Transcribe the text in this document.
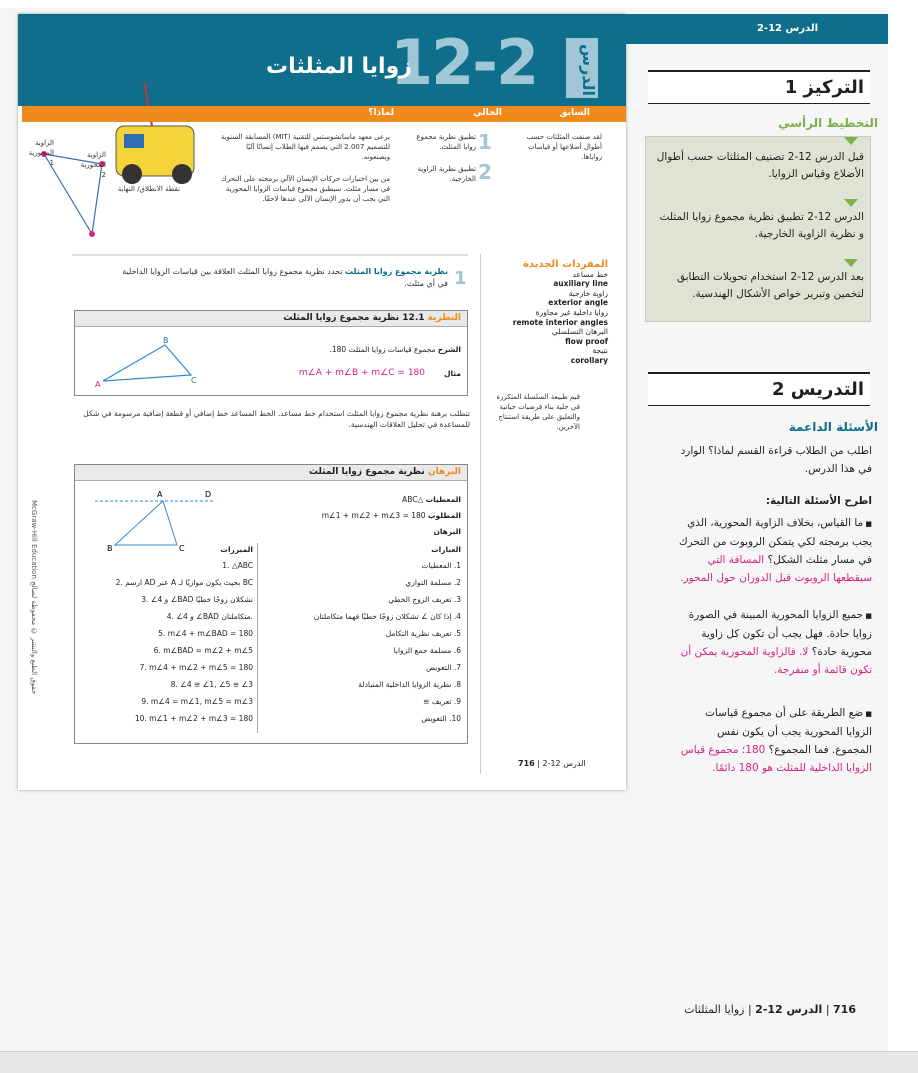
12-2	الدرس
زوايا المثلثات
الزاوية المحورية 1
الزاوية المحورية 2
نقطة الانطلاق/ النهاية
السابق
الحالي
لماذا؟
لقد صنفت المثلثات حسب أطوال أضلاعها أو قياسات زواياها.
1
تطبيق نظرية مجموع زوايا المثلث.
2
تطبيق نظرية الزاوية الخارجية.
يرعى معهد ماساتشوستس للتقنية (MIT) المسابقة السنوية للتصميم 2.007 التي يصمم فيها الطلاب إنسانًا آليًا ويصنعونه.
من بين اختبارات حركات الإنسان الآلي برمجته على التحرك في مسار مثلث. سيطبق مجموع قياسات الزوايا المحورية التي يجب أن يدور الإنسان الآلي عندها لاحقًا.
1
نظرية مجموع زوايا المثلث تحدد نظرية مجموع زوايا المثلث العلاقة بين قياسات الزوايا الداخلية في أي مثلث.
النظرية 12.1 نظرية مجموع زوايا المثلث
A
B
C
الشرح مجموع قياسات زوايا المثلث 180.
مثال
m∠A + m∠B + m∠C = 180
تتطلب برهنة نظرية مجموع زوايا المثلث استخدام خط مساعد. الخط المساعد خط إضافي أو قطعة إضافية مرسومة في شكل للمساعدة في تحليل العلاقات الهندسية.
البرهان نظرية مجموع زوايا المثلث
A	D
B	C
المعطيات △ABC
المطلوب m∠1 + m∠2 + m∠3 = 180
البرهان
العبارات
المبررات
1. △ABC	1. المعطيات
2. ارسم AD عبر A بحيث يكون موازيًا لـ BC	2. مسلمة التوازي
3. ∠4 و ∠BAD تشكلان زوجًا خطيًا	3. تعريف الزوج الخطي
4. ∠4 و ∠BAD متكاملتان.	4. إذا كان ∠ تشكلان زوجًا خطيًا فهما متكاملتان
5. m∠4 + m∠BAD = 180	5. تعريف نظرية التكامل
6. m∠BAD = m∠2 + m∠5	6. مسلمة جمع الزوايا
7. m∠4 + m∠2 + m∠5 = 180	7. التعويض
8. ∠4 ≅ ∠1, ∠5 ≅ ∠3	8. نظرية الزوايا الداخلية المتبادلة
9. m∠4 = m∠1, m∠5 = m∠3	9. تعريف ≅
10. m∠1 + m∠2 + m∠3 = 180	10. التعويض
المفردات الجديدة
خط مساعد
auxiliary line
زاوية خارجية
exterior angle
زوايا داخلية غير مجاورة
remote interior angles
البرهان التسلسلي
flow proof
نتيجة
corollary
قيم طبيعة السلسلة المتكررة في جلية بناء فرضيات حياتية والتعليق على طريقة استنتاج الآخرين.
الدرس 12-2 | 716
McGraw-Hill Education حقوق الطبع والنشر © محفوظة لصالح
الدرس 12-2
1 التركيز
التخطيط الرأسي
قبل الدرس 12-2 تصنيف المثلثات حسب أطوال الأضلاع وقياس الزوايا.
الدرس 12-2 تطبيق نظرية مجموع زوايا المثلث و نظرية الزاوية الخارجية.
بعد الدرس 12-2 استخدام تحويلات التطابق لتخمين وتبرير خواص الأشكال الهندسية.
2 التدريس
الأسئلة الداعمة
اطلب من الطلاب قراءة القسم لماذا؟ الوارد في هذا الدرس.
اطرح الأسئلة التالية:
■ ما القياس، بخلاف الزاوية المحورية، الذي يجب برمجته لكي يتمكن الروبوت من التحرك في مسار مثلث الشكل؟ المسافة التي سيقطعها الروبوت قبل الدوران حول المحور.
■ جميع الزوايا المحورية المبينة في الصورة زوايا حادة. فهل يجب أن تكون كل زاوية محورية حادة؟ لا. فالزاوية المحورية يمكن أن تكون قائمة أو منفرجة.
■ ضع الطريقة على أن مجموع قياسات الزوايا المحورية يجب أن يكون نفس المجموع. فما المجموع؟ 180؛ مجموع قياس الزوايا الداخلية للمثلث هو 180 دائمًا.
716 | الدرس 12-2 | زوايا المثلثات
